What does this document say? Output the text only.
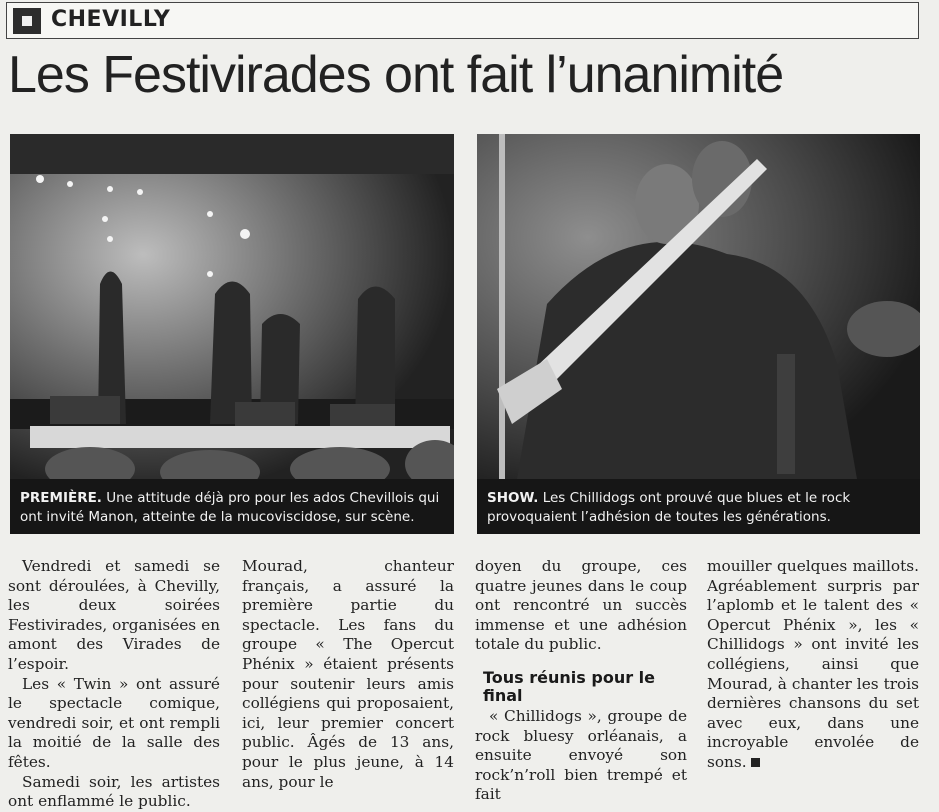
CHEVILLY
Les Festivirades ont fait l’unanimité
PREMIÈRE. Une attitude déjà pro pour les ados Chevillois qui ont invité Manon, atteinte de la mucoviscidose, sur scène.
SHOW. Les Chillidogs ont prouvé que blues et le rock provoquaient l’adhésion de toutes les générations.

Vendredi et samedi se sont déroulées, à Chevilly, les deux soirées Festivirades, organisées en amont des Virades de l’espoir.

Les « Twin » ont assuré le spectacle comique, vendredi soir, et ont rempli la moitié de la salle des fêtes.

Samedi soir, les artistes ont enflammé le public.

Mourad, chanteur français, a assuré la première partie du spectacle. Les fans du groupe « The Opercut Phénix » étaient présents pour soutenir leurs amis collégiens qui proposaient, ici, leur premier concert public. Âgés de 13 ans, pour le plus jeune, à 14 ans, pour le

doyen du groupe, ces quatre jeunes dans le coup ont rencontré un succès immense et une adhésion totale du public.

Tous réunis pour le final

« Chillidogs », groupe de rock bluesy orléanais, a ensuite envoyé son rock’n’roll bien trempé et fait

mouiller quelques maillots. Agréablement surpris par l’aplomb et le talent des « Opercut Phénix », les « Chillidogs » ont invité les collégiens, ainsi que Mourad, à chanter les trois dernières chansons du set avec eux, dans une incroyable envolée de sons.
